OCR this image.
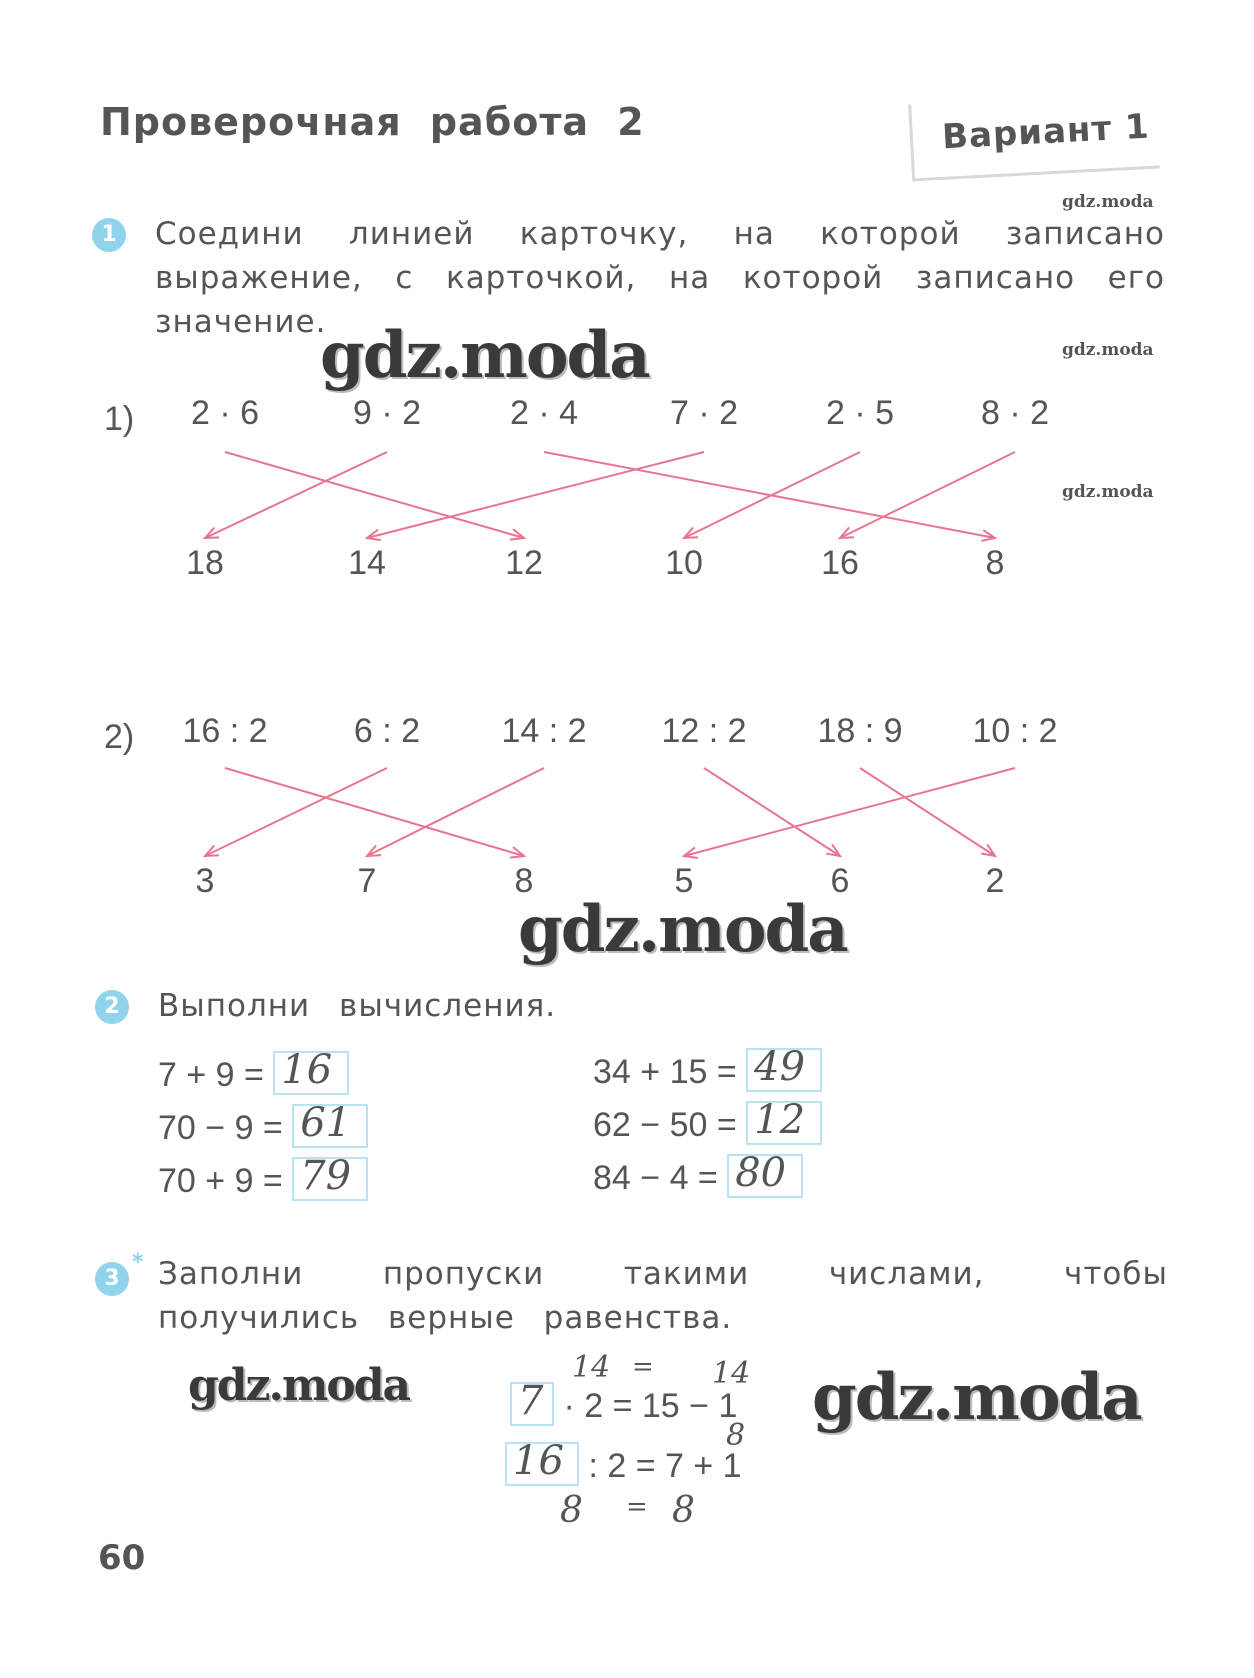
Проверочная работа 2	Вариант 1
gdz.moda
gdz.moda
gdz.moda
1	Соедини линией карточку, на которой записано выражение, с карточкой, на которой записано его значение.
gdz.moda
1)	2 · 6	9 · 2	2 · 4	7 · 2	2 · 5	8 · 2
18	14	12	10	16	8
2)	16 : 2	6 : 2	14 : 2	12 : 2	18 : 9	10 : 2
3	7	8	5	6	2
gdz.moda
2	Выполни вычисления.
7 + 9 = 16
70 − 9 = 61
70 + 9 = 79
34 + 15 = 49
62 − 50 = 12
84 − 4 = 80
3
* Заполни пропуски такими числами, чтобы получились верные равенства.
gdz.moda	gdz.moda
14 = 14
7 · 2 = 15 − 1
8
16 : 2 = 7 + 1
8 = 8
60
